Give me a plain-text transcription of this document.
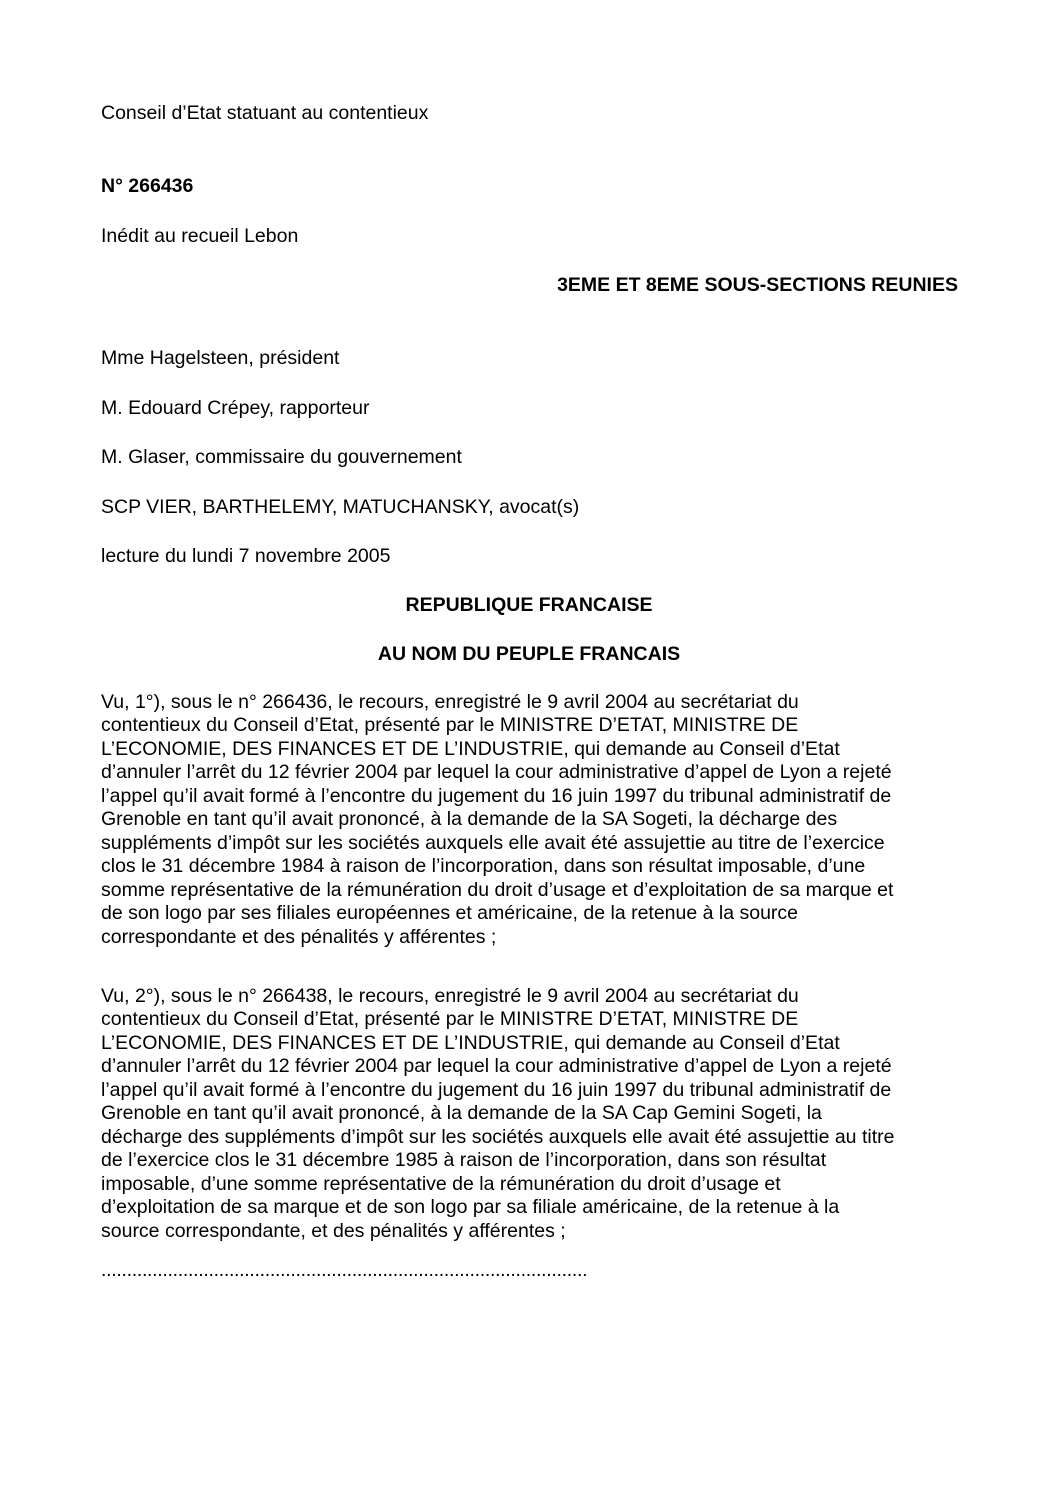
Conseil d’Etat statuant au contentieux
N° 266436
Inédit au recueil Lebon
3EME ET 8EME SOUS-SECTIONS REUNIES
Mme Hagelsteen, président
M. Edouard Crépey, rapporteur
M. Glaser, commissaire du gouvernement
SCP VIER, BARTHELEMY, MATUCHANSKY, avocat(s)
lecture du lundi 7 novembre 2005
REPUBLIQUE FRANCAISE
AU NOM DU PEUPLE FRANCAIS
Vu, 1°), sous le n° 266436, le recours, enregistré le 9 avril 2004 au secrétariat du
contentieux du Conseil d’Etat, présenté par le MINISTRE D’ETAT, MINISTRE DE
L’ECONOMIE, DES FINANCES ET DE L’INDUSTRIE, qui demande au Conseil d’Etat
d’annuler l’arrêt du 12 février 2004 par lequel la cour administrative d’appel de Lyon a rejeté
l’appel qu’il avait formé à l’encontre du jugement du 16 juin 1997 du tribunal administratif de
Grenoble en tant qu’il avait prononcé, à la demande de la SA Sogeti, la décharge des
suppléments d’impôt sur les sociétés auxquels elle avait été assujettie au titre de l’exercice
clos le 31 décembre 1984 à raison de l’incorporation, dans son résultat imposable, d’une
somme représentative de la rémunération du droit d’usage et d’exploitation de sa marque et
de son logo par ses filiales européennes et américaine, de la retenue à la source
correspondante et des pénalités y afférentes ;
Vu, 2°), sous le n° 266438, le recours, enregistré le 9 avril 2004 au secrétariat du
contentieux du Conseil d’Etat, présenté par le MINISTRE D’ETAT, MINISTRE DE
L’ECONOMIE, DES FINANCES ET DE L’INDUSTRIE, qui demande au Conseil d’Etat
d’annuler l’arrêt du 12 février 2004 par lequel la cour administrative d’appel de Lyon a rejeté
l’appel qu’il avait formé à l’encontre du jugement du 16 juin 1997 du tribunal administratif de
Grenoble en tant qu’il avait prononcé, à la demande de la SA Cap Gemini Sogeti, la
décharge des suppléments d’impôt sur les sociétés auxquels elle avait été assujettie au titre
de l’exercice clos le 31 décembre 1985 à raison de l’incorporation, dans son résultat
imposable, d’une somme représentative de la rémunération du droit d’usage et
d’exploitation de sa marque et de son logo par sa filiale américaine, de la retenue à la
source correspondante, et des pénalités y afférentes ;
...............................................................................................
